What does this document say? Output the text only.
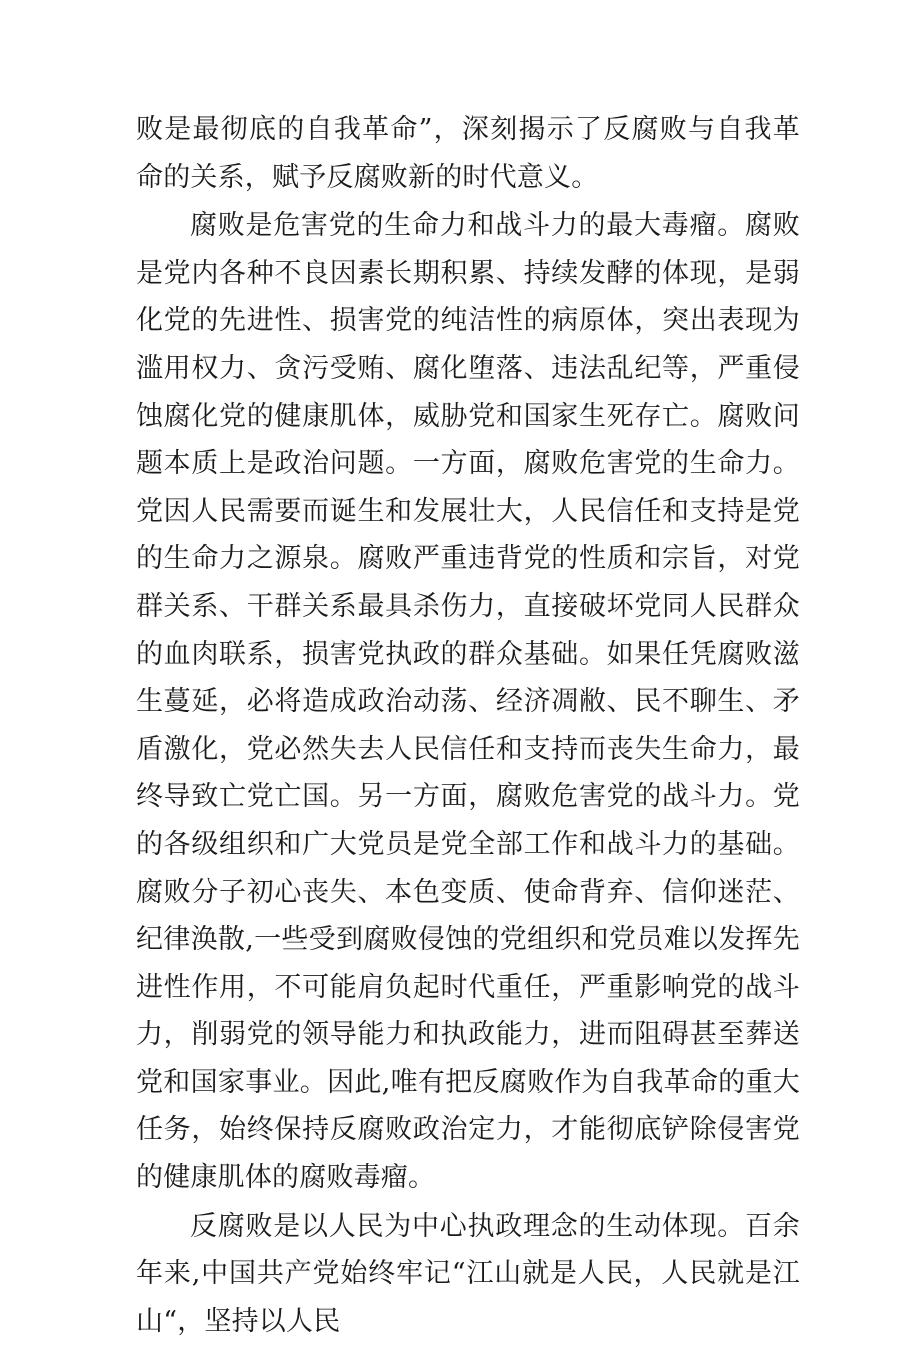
败是最彻底的自我革命”，深刻揭示了反腐败与自我革命的关系，赋予反腐败新的时代意义。

腐败是危害党的生命力和战斗力的最大毒瘤。腐败是党内各种不良因素长期积累、持续发酵的体现，是弱化党的先进性、损害党的纯洁性的病原体，突出表现为滥用权力、贪污受贿、腐化堕落、违法乱纪等，严重侵蚀腐化党的健康肌体，威胁党和国家生死存亡。腐败问题本质上是政治问题。一方面，腐败危害党的生命力。党因人民需要而诞生和发展壮大，人民信任和支持是党的生命力之源泉。腐败严重违背党的性质和宗旨，对党群关系、干群关系最具杀伤力，直接破坏党同人民群众的血肉联系，损害党执政的群众基础。如果任凭腐败滋生蔓延，必将造成政治动荡、经济凋敝、民不聊生、矛盾激化，党必然失去人民信任和支持而丧失生命力，最终导致亡党亡国。另一方面，腐败危害党的战斗力。党的各级组织和广大党员是党全部工作和战斗力的基础。腐败分子初心丧失、本色变质、使命背弃、信仰迷茫、纪律涣散,一些受到腐败侵蚀的党组织和党员难以发挥先进性作用，不可能肩负起时代重任，严重影响党的战斗力，削弱党的领导能力和执政能力，进而阻碍甚至葬送党和国家事业。因此,唯有把反腐败作为自我革命的重大任务，始终保持反腐败政治定力，才能彻底铲除侵害党的健康肌体的腐败毒瘤。

反腐败是以人民为中心执政理念的生动体现。百余年来,中国共产党始终牢记“江山就是人民，人民就是江山“，坚持以人民
